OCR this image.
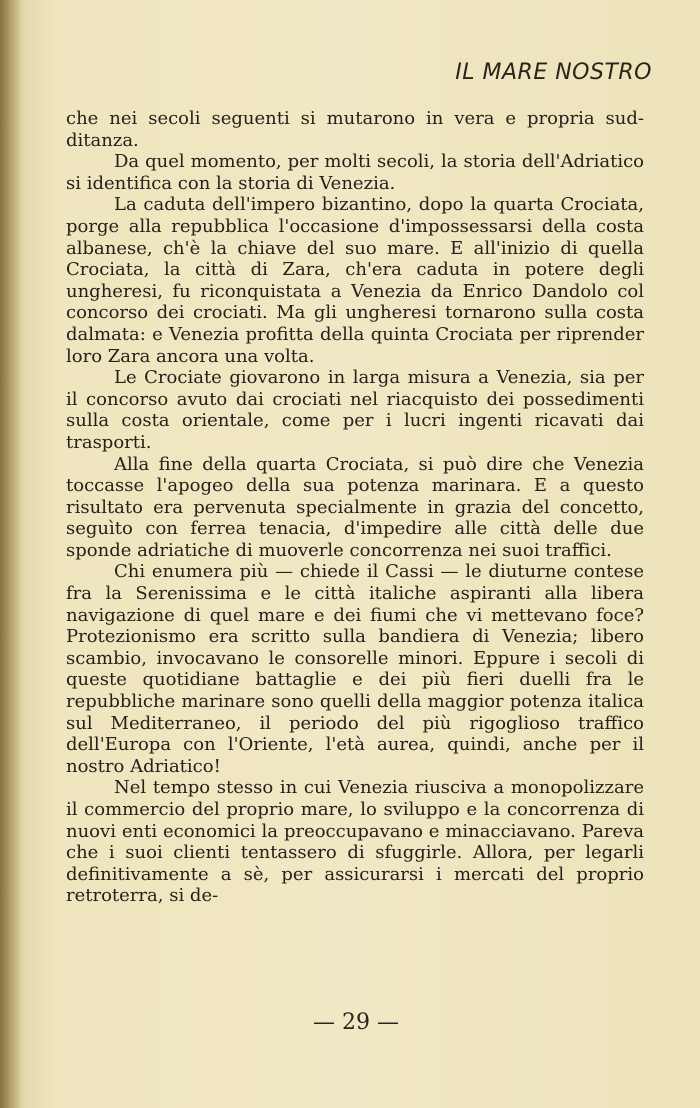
IL MARE NOSTRO

che nei secoli seguenti si mutarono in vera e propria sudditanza.

Da quel momento, per molti secoli, la storia dell'Adriatico si identifica con la storia di Venezia.

La caduta dell'impero bizantino, dopo la quarta Crociata, porge alla repubblica l'occasione d'impossessarsi della costa albanese, ch'è la chiave del suo mare. E all'inizio di quella Crociata, la città di Zara, ch'era caduta in potere degli ungheresi, fu riconquistata a Venezia da Enrico Dandolo col concorso dei crociati. Ma gli ungheresi tornarono sulla costa dalmata: e Venezia profitta della quinta Crociata per riprender loro Zara ancora una volta.

Le Crociate giovarono in larga misura a Venezia, sia per il concorso avuto dai crociati nel riacquisto dei possedimenti sulla costa orientale, come per i lucri ingenti ricavati dai trasporti.

Alla fine della quarta Crociata, si può dire che Venezia toccasse l'apogeo della sua potenza marinara. E a questo risultato era pervenuta specialmente in grazia del concetto, seguìto con ferrea tenacia, d'impedire alle città delle due sponde adriatiche di muoverle concorrenza nei suoi traffici.

Chi enumera più — chiede il Cassi — le diuturne contese fra la Serenissima e le città italiche aspiranti alla libera navigazione di quel mare e dei fiumi che vi mettevano foce? Protezionismo era scritto sulla bandiera di Venezia; libero scambio, invocavano le consorelle minori. Eppure i secoli di queste quotidiane battaglie e dei più fieri duelli fra le repubbliche marinare sono quelli della maggior potenza italica sul Mediterraneo, il periodo del più rigoglioso traffico dell'Europa con l'Oriente, l'età aurea, quindi, anche per il nostro Adriatico!

Nel tempo stesso in cui Venezia riusciva a monopolizzare il commercio del proprio mare, lo sviluppo e la concorrenza di nuovi enti economici la preoccupavano e minacciavano. Pareva che i suoi clienti tentassero di sfuggirle. Allora, per legarli definitivamente a sè, per assicurarsi i mercati del proprio retroterra, si de-

— 29 —
